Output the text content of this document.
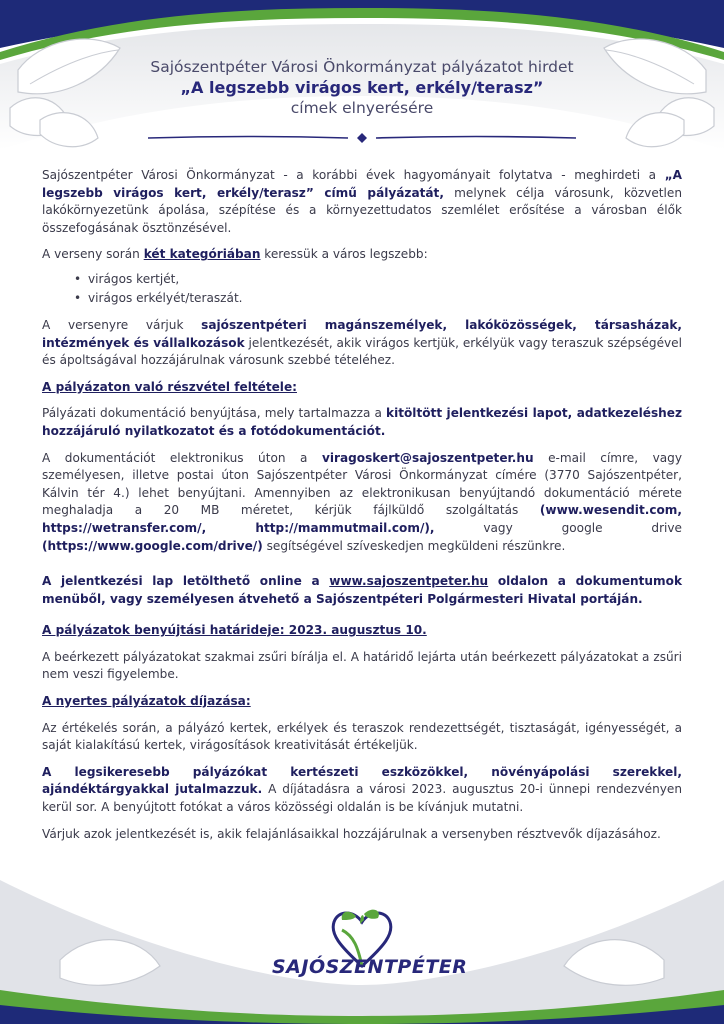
Sajószentpéter Városi Önkormányzat pályázatot hirdet
„A legszebb virágos kert, erkély/terasz”
címek elnyerésére

Sajószentpéter Városi Önkormányzat - a korábbi évek hagyományait folytatva - meghirdeti a „A legszebb virágos kert, erkély/terasz” című pályázatát, melynek célja városunk, közvetlen lakókörnyezetünk ápolása, szépítése és a környezettudatos szemlélet erősítése a városban élők összefogásának ösztönzésével.

A verseny során két kategóriában keressük a város legszebb:

• virágos kertjét,
• virágos erkélyét/teraszát.

A versenyre várjuk sajószentpéteri magánszemélyek, lakóközösségek, társasházak, intézmények és vállalkozások jelentkezését, akik virágos kertjük, erkélyük vagy teraszuk szépségével és ápoltságával hozzájárulnak városunk szebbé tételéhez.

A pályázaton való részvétel feltétele:

Pályázati dokumentáció benyújtása, mely tartalmazza a kitöltött jelentkezési lapot, adatkezeléshez hozzájáruló nyilatkozatot és a fotódokumentációt.

A dokumentációt elektronikus úton a viragoskert@sajoszentpeter.hu e-mail címre, vagy személyesen, illetve postai úton Sajószentpéter Városi Önkormányzat címére (3770 Sajószentpéter, Kálvin tér 4.) lehet benyújtani. Amennyiben az elektronikusan benyújtandó dokumentáció mérete meghaladja a 20 MB méretet, kérjük fájlküldő szolgáltatás (www.wesendit.com, https://wetransfer.com/, http://mammutmail.com/), vagy google drive (https://www.google.com/drive/) segítségével szíveskedjen megküldeni részünkre.

A jelentkezési lap letölthető online a www.sajoszentpeter.hu oldalon a dokumentumok menüből, vagy személyesen átvehető a Sajószentpéteri Polgármesteri Hivatal portáján.

A pályázatok benyújtási határideje: 2023. augusztus 10.

A beérkezett pályázatokat szakmai zsűri bírálja el. A határidő lejárta után beérkezett pályázatokat a zsűri nem veszi figyelembe.

A nyertes pályázatok díjazása:

Az értékelés során, a pályázó kertek, erkélyek és teraszok rendezettségét, tisztaságát, igényességét, a saját kialakítású kertek, virágosítások kreativitását értékeljük.

A legsikeresebb pályázókat kertészeti eszközökkel, növényápolási szerekkel, ajándéktárgyakkal jutalmazzuk. A díjátadásra a városi 2023. augusztus 20-i ünnepi rendezvényen kerül sor. A benyújtott fotókat a város közösségi oldalán is be kívánjuk mutatni.

Várjuk azok jelentkezését is, akik felajánlásaikkal hozzájárulnak a versenyben résztvevők díjazásához.

SAJÓSZENTPÉTER
